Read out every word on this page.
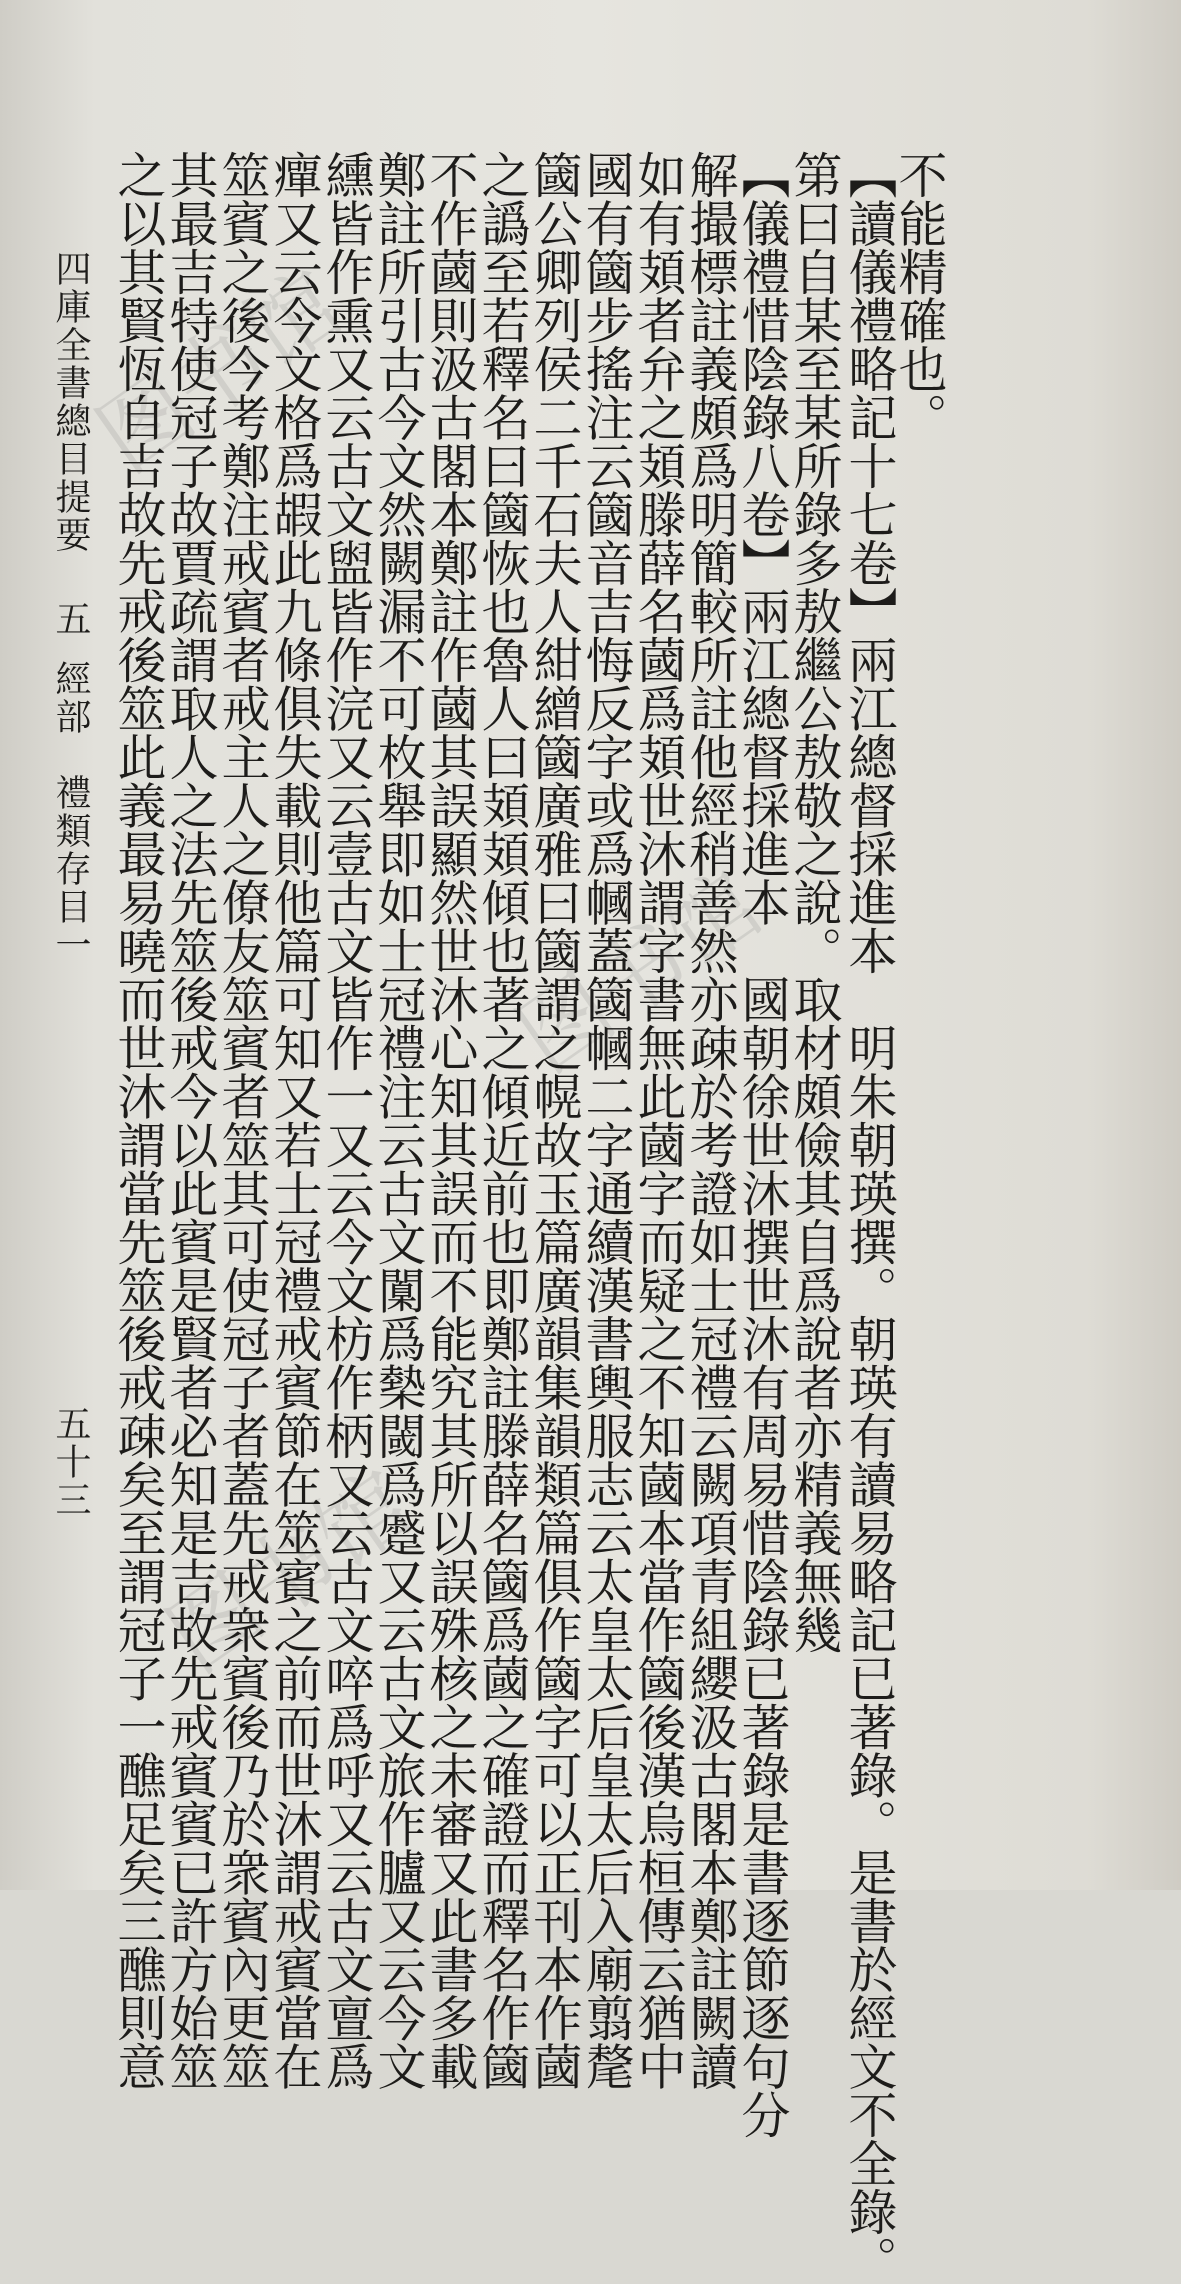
图书馆
图书馆
图书馆
不能精確也。
【讀儀禮略記十七卷】兩江總督採進本　明朱朝瑛撰。朝瑛有讀易略記已著錄。是書於經文不全錄。
第曰自某至某所錄多敖繼公敖敬之說。取材頗儉其自爲說者亦精義無幾
【儀禮惜陰錄八卷】兩江總督採進本　國朝徐世沐撰世沐有周易惜陰錄已著錄是書逐節逐句分
解撮標註義頗爲明簡較所註他經稍善然亦疎於考證如士冠禮云闕項青組纓汲古閣本鄭註闕讀
如有頍者弁之頍滕薛名蔮爲頍世沐謂字書無此蔮字而疑之不知蔮本當作簂後漢烏桓傳云猶中
國有簂步搖注云簂音吉悔反字或爲幗蓋簂幗二字通續漢書輿服志云太皇太后皇太后入廟翦氂
簂公卿列侯二千石夫人紺繒簂廣雅曰簂謂之幌故玉篇廣韻集韻類篇俱作簂字可以正刊本作蔮
之譌至若釋名曰簂恢也魯人曰頍頍傾也著之傾近前也即鄭註滕薛名簂爲蔮之確證而釋名作簂
不作蔮則汲古閣本鄭註作蔮其誤顯然世沐心知其誤而不能究其所以誤殊核之未審又此書多載
鄭註所引古今文然闕漏不可枚舉即如士冠禮注云古文闑爲槷閾爲蹙又云古文旅作臚又云今文
纁皆作熏又云古文盥皆作浣又云壹古文皆作一又云今文枋作柄又云古文啐爲呼又云古文亶爲
癉又云今文格爲嘏此九條俱失載則他篇可知又若士冠禮戒賓節在筮賓之前而世沐謂戒賓當在
筮賓之後今考鄭注戒賓者戒主人之僚友筮賓者筮其可使冠子者蓋先戒衆賓後乃於衆賓內更筮
其最吉特使冠子故賈疏謂取人之法先筮後戒今以此賓是賢者必知是吉故先戒賓賓已許方始筮
之以其賢恆自吉故先戒後筮此義最易曉而世沐謂當先筮後戒疎矣至謂冠子一醮足矣三醮則意
四庫全書總目提要
五
經部　禮類存目一
五十三
